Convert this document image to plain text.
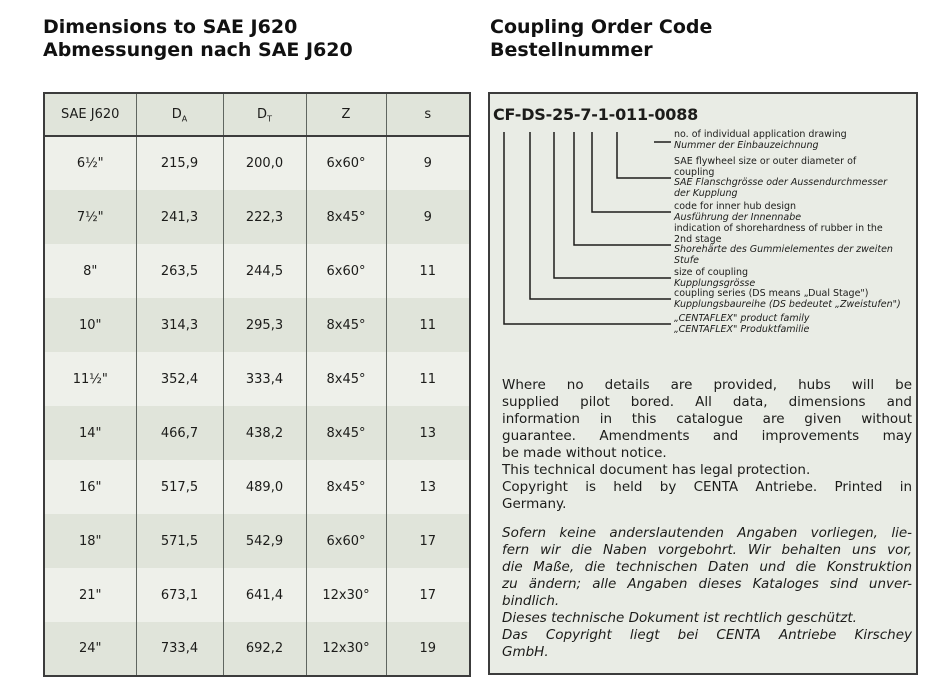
Dimensions to SAE J620
Abmessungen nach SAE J620
Coupling Order Code
Bestellnummer
SAE J620	$D_A$	$D_T$	Z	s
6½"	215,9	200,0	6x60°	9
7½"	241,3	222,3	8x45°	9
8"	263,5	244,5	6x60°	11
10"	314,3	295,3	8x45°	11
11½"	352,4	333,4	8x45°	11
14"	466,7	438,2	8x45°	13
16"	517,5	489,0	8x45°	13
18"	571,5	542,9	6x60°	17
21"	673,1	641,4	12x30°	17
24"	733,4	692,2	12x30°	19
CF-DS-25-7-1-011-0088
no. of individual application drawing
Nummer der Einbauzeichnung
SAE flywheel size or outer diameter of
coupling
SAE Flanschgrösse oder Aussendurchmesser
der Kupplung
code for inner hub design
Ausführung der Innennabe
indication of shorehardness of rubber in the
2nd stage
Shorehärte des Gummielementes der zweiten
Stufe
size of coupling
Kupplungsgrösse
coupling series (DS means „Dual Stage")
Kupplungsbaureihe (DS bedeutet „Zweistufen")
„CENTAFLEX" product family
„CENTAFLEX" Produktfamilie
Where no details are provided, hubs will be
supplied pilot bored. All data, dimensions and
information in this catalogue are given without
guarantee. Amendments and improvements may
be made without notice.
This technical document has legal protection.
Copyright is held by CENTA Antriebe. Printed in
Germany.
Sofern keine anderslautenden Angaben vorliegen, lie-
fern wir die Naben vorgebohrt. Wir behalten uns vor,
die Maße, die technischen Daten und die Konstruktion
zu ändern; alle Angaben dieses Kataloges sind unver-
bindlich.
Dieses technische Dokument ist rechtlich geschützt.
Das Copyright liegt bei CENTA Antriebe Kirschey
GmbH.
